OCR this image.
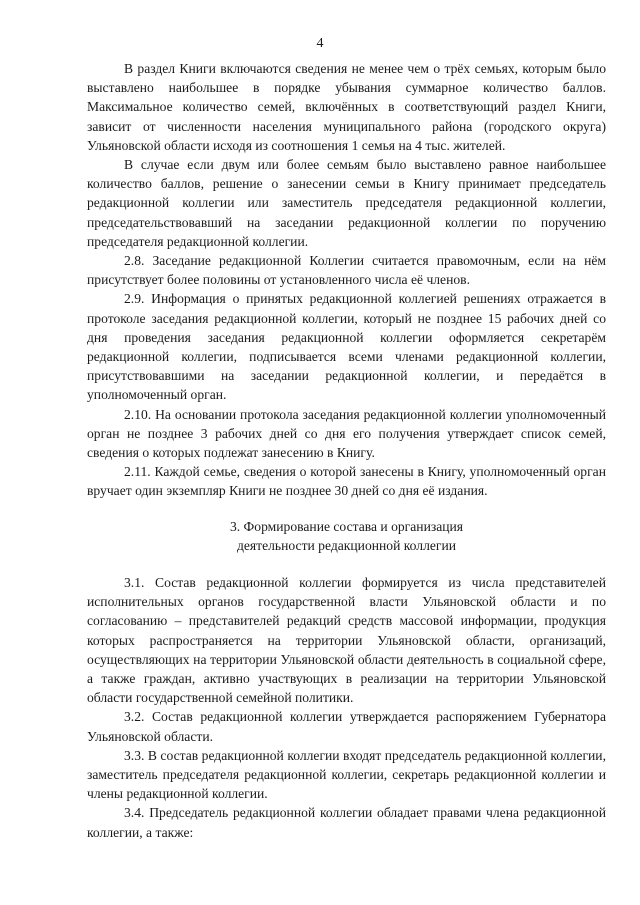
4

В раздел Книги включаются сведения не менее чем о трёх семьях, которым было выставлено наибольшее в порядке убывания суммарное количество баллов. Максимальное количество семей, включённых в соответствующий раздел Книги, зависит от численности населения муниципального района (городского округа) Ульяновской области исходя из соотношения 1 семья на 4 тыс. жителей.

В случае если двум или более семьям было выставлено равное наибольшее количество баллов, решение о занесении семьи в Книгу принимает председатель редакционной коллегии или заместитель председателя редакционной коллегии, председательствовавший на заседании редакционной коллегии по поручению председателя редакционной коллегии.

2.8. Заседание редакционной Коллегии считается правомочным, если на нём присутствует более половины от установленного числа её членов.

2.9. Информация о принятых редакционной коллегией решениях отражается в протоколе заседания редакционной коллегии, который не позднее 15 рабочих дней со дня проведения заседания редакционной коллегии оформляется секретарём редакционной коллегии, подписывается всеми членами редакционной коллегии, присутствовавшими на заседании редакционной коллегии, и передаётся в уполномоченный орган.

2.10. На основании протокола заседания редакционной коллегии уполномоченный орган не позднее 3 рабочих дней со дня его получения утверждает список семей, сведения о которых подлежат занесению в Книгу.

2.11. Каждой семье, сведения о которой занесены в Книгу, уполномоченный орган вручает один экземпляр Книги не позднее 30 дней со дня её издания.

3. Формирование состава и организация
деятельности редакционной коллегии

3.1. Состав редакционной коллегии формируется из числа представителей исполнительных органов государственной власти Ульяновской области и по согласованию – представителей редакций средств массовой информации, продукция которых распространяется на территории Ульяновской области, организаций, осуществляющих на территории Ульяновской области деятельность в социальной сфере, а также граждан, активно участвующих в реализации на территории Ульяновской области государственной семейной политики.

3.2. Состав редакционной коллегии утверждается распоряжением Губернатора Ульяновской области.

3.3. В состав редакционной коллегии входят председатель редакционной коллегии, заместитель председателя редакционной коллегии, секретарь редакционной коллегии и члены редакционной коллегии.

3.4. Председатель редакционной коллегии обладает правами члена редакционной коллегии, а также:
